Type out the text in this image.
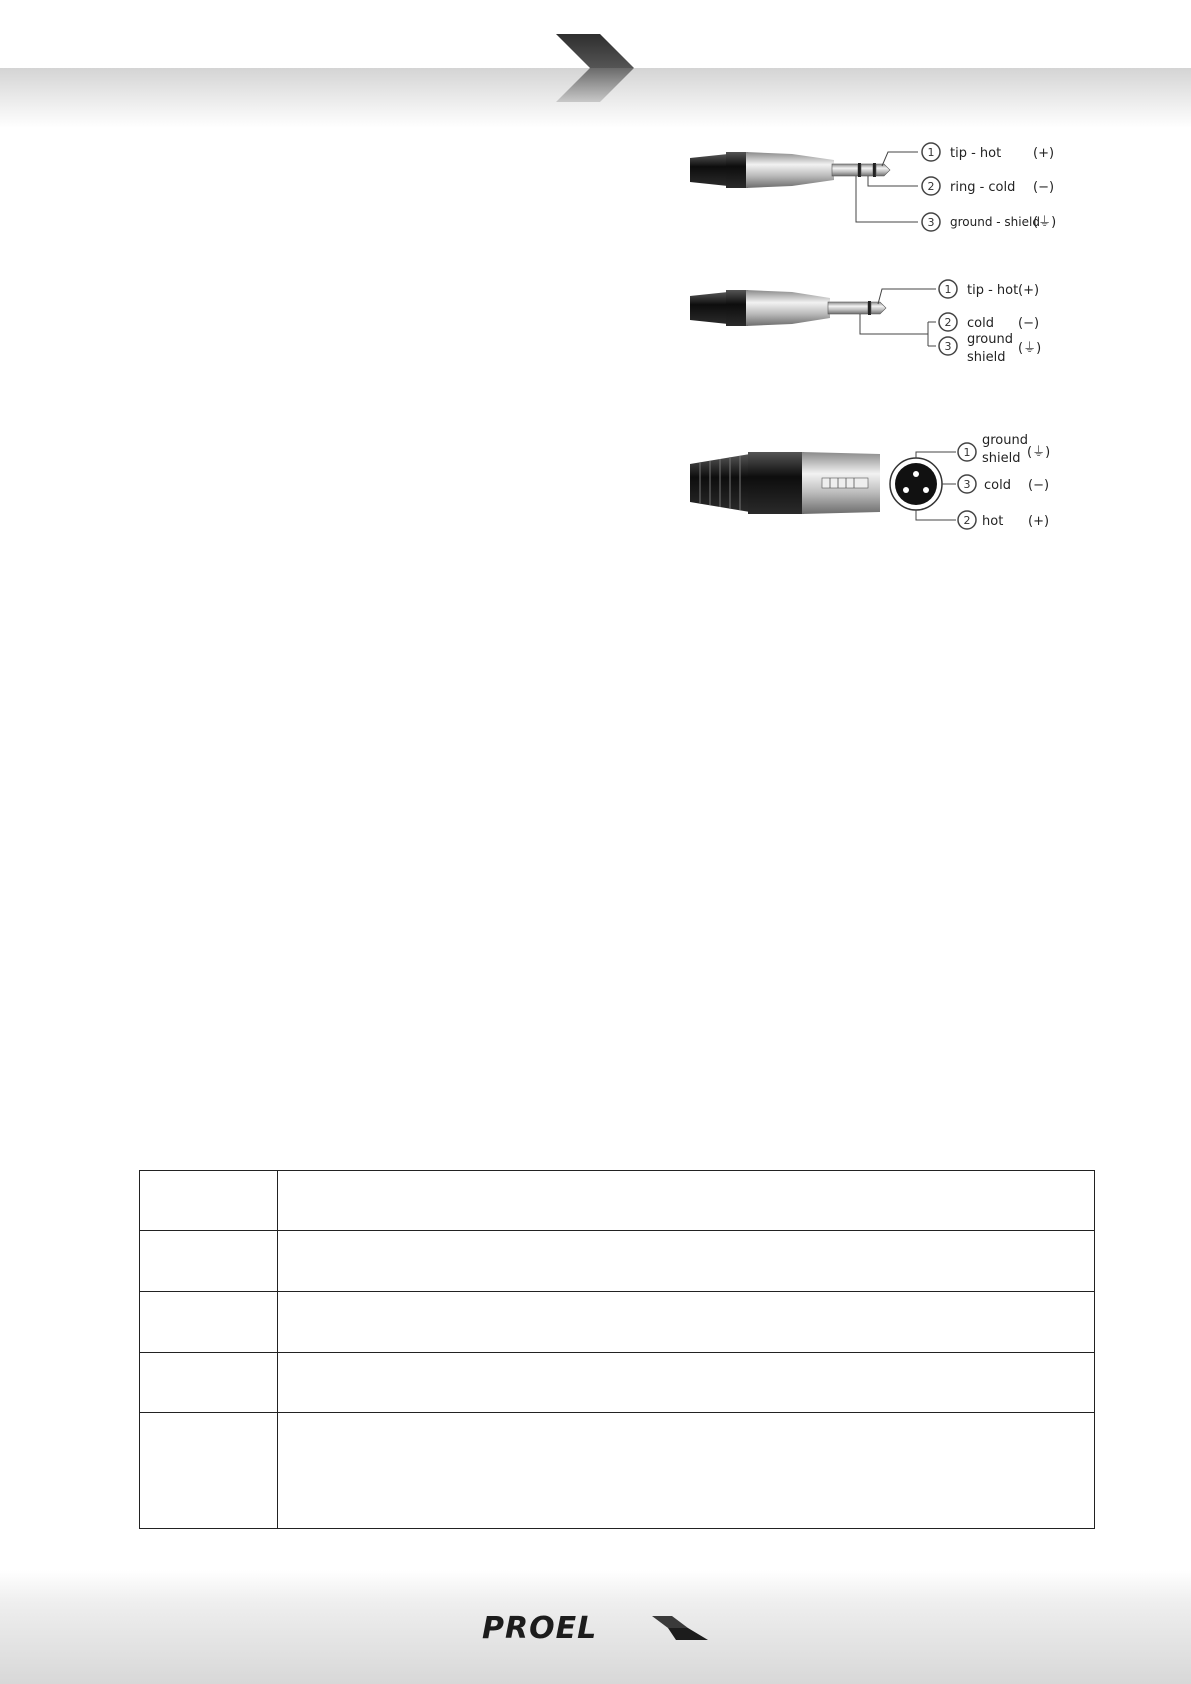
1 tip - hot (+)
2 ring - cold (−)
3 ground - shield
(⏚)
1 tip - hot (+)
2 cold (−)
3 ground
shield
(⏚)
1
ground
shield (⏚)
3 cold (−)
2 hot (+)

PROEL
